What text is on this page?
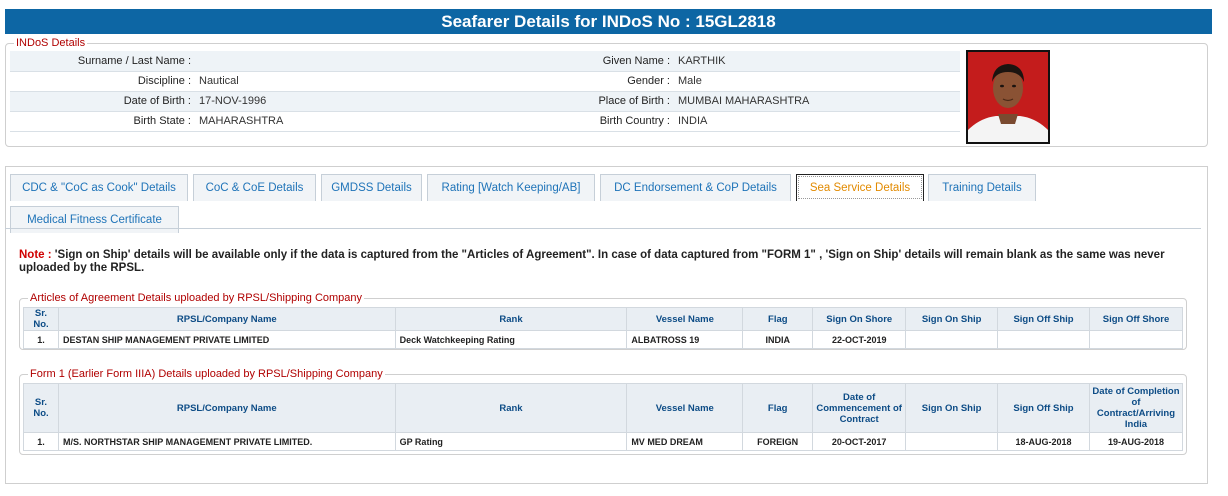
Seafarer Details for INDoS No : 15GL2818
INDoS Details
Surname / Last Name :		Given Name :	KARTHIK
Discipline :	Nautical	Gender :	Male
Date of Birth :	17-NOV-1996	Place of Birth :	MUMBAI MAHARASHTRA
Birth State :	MAHARASHTRA	Birth Country :	INDIA
CDC & "CoC as Cook" Details	CoC & CoE Details	GMDSS Details	Rating [Watch Keeping/AB]	DC Endorsement & CoP Details	Sea Service Details	Training Details
Medical Fitness Certificate
Note : 'Sign on Ship' details will be available only if the data is captured from the "Articles of Agreement". In case of data captured from "FORM 1" , 'Sign on Ship' details will remain blank as the same was never uploaded by the RPSL.
Articles of Agreement Details uploaded by RPSL/Shipping Company
Sr. No.	RPSL/Company Name	Rank	Vessel Name	Flag	Sign On Shore	Sign On Ship	Sign Off Ship	Sign Off Shore
1.	DESTAN SHIP MANAGEMENT PRIVATE LIMITED	Deck Watchkeeping Rating	ALBATROSS 19	INDIA	22-OCT-2019			
Form 1 (Earlier Form IIIA) Details uploaded by RPSL/Shipping Company
Sr. No.	RPSL/Company Name	Rank	Vessel Name	Flag	Date of Commencement of Contract	Sign On Ship	Sign Off Ship	Date of Completion of Contract/Arriving India
1.	M/S. NORTHSTAR SHIP MANAGEMENT PRIVATE LIMITED.	GP Rating	MV MED DREAM	FOREIGN	20-OCT-2017		18-AUG-2018	19-AUG-2018
